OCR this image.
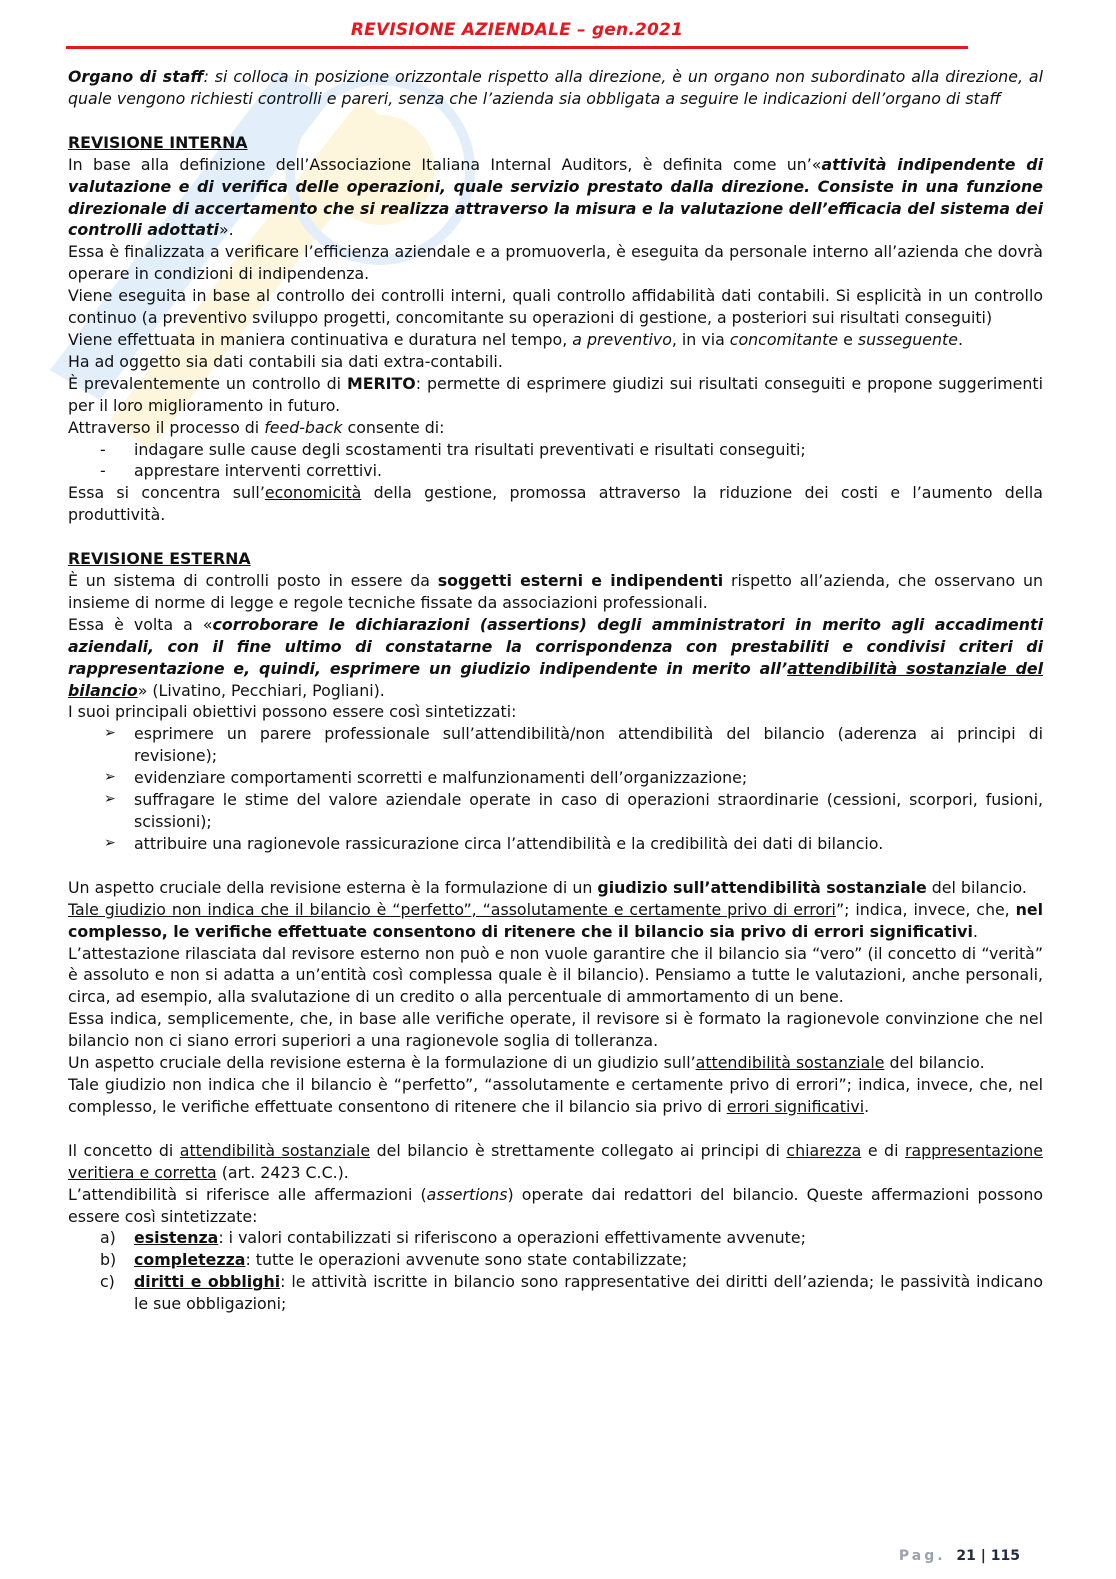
REVISIONE AZIENDALE – gen.2021

Organo di staff: si colloca in posizione orizzontale rispetto alla direzione, è un organo non subordinato alla direzione, al quale vengono richiesti controlli e pareri, senza che l’azienda sia obbligata a seguire le indicazioni dell’organo di staff

REVISIONE INTERNA

In base alla definizione dell’Associazione Italiana Internal Auditors, è definita come un’«attività indipendente di valutazione e di verifica delle operazioni, quale servizio prestato dalla direzione. Consiste in una funzione direzionale di accertamento che si realizza attraverso la misura e la valutazione dell’efficacia del sistema dei controlli adottati».

Essa è finalizzata a verificare l’efficienza aziendale e a promuoverla, è eseguita da personale interno all’azienda che dovrà operare in condizioni di indipendenza.

Viene eseguita in base al controllo dei controlli interni, quali controllo affidabilità dati contabili. Si esplicità in un controllo continuo (a preventivo sviluppo progetti, concomitante su operazioni di gestione, a posteriori sui risultati conseguiti)

Viene effettuata in maniera continuativa e duratura nel tempo, a preventivo, in via concomitante e susseguente.

Ha ad oggetto sia dati contabili sia dati extra-contabili.

È prevalentemente un controllo di MERITO: permette di esprimere giudizi sui risultati conseguiti e propone suggerimenti per il loro miglioramento in futuro.

Attraverso il processo di feed-back consente di:

- indagare sulle cause degli scostamenti tra risultati preventivati e risultati conseguiti;
- apprestare interventi correttivi.

Essa si concentra sull’economicità della gestione, promossa attraverso la riduzione dei costi e l’aumento della produttività.

REVISIONE ESTERNA

È un sistema di controlli posto in essere da soggetti esterni e indipendenti rispetto all’azienda, che osservano un insieme di norme di legge e regole tecniche fissate da associazioni professionali.

Essa è volta a «corroborare le dichiarazioni (assertions) degli amministratori in merito agli accadimenti aziendali, con il fine ultimo di constatarne la corrispondenza con prestabiliti e condivisi criteri di rappresentazione e, quindi, esprimere un giudizio indipendente in merito all’attendibilità sostanziale del bilancio» (Livatino, Pecchiari, Pogliani).

I suoi principali obiettivi possono essere così sintetizzati:

➢ esprimere un parere professionale sull’attendibilità/non attendibilità del bilancio (aderenza ai principi di revisione);
➢ evidenziare comportamenti scorretti e malfunzionamenti dell’organizzazione;
➢ suffragare le stime del valore aziendale operate in caso di operazioni straordinarie (cessioni, scorpori, fusioni, scissioni);
➢ attribuire una ragionevole rassicurazione circa l’attendibilità e la credibilità dei dati di bilancio.

Un aspetto cruciale della revisione esterna è la formulazione di un giudizio sull’attendibilità sostanziale del bilancio.

Tale giudizio non indica che il bilancio è “perfetto”, “assolutamente e certamente privo di errori”; indica, invece, che, nel complesso, le verifiche effettuate consentono di ritenere che il bilancio sia privo di errori significativi.

L’attestazione rilasciata dal revisore esterno non può e non vuole garantire che il bilancio sia “vero” (il concetto di “verità” è assoluto e non si adatta a un’entità così complessa quale è il bilancio). Pensiamo a tutte le valutazioni, anche personali, circa, ad esempio, alla svalutazione di un credito o alla percentuale di ammortamento di un bene.

Essa indica, semplicemente, che, in base alle verifiche operate, il revisore si è formato la ragionevole convinzione che nel bilancio non ci siano errori superiori a una ragionevole soglia di tolleranza.

Un aspetto cruciale della revisione esterna è la formulazione di un giudizio sull’attendibilità sostanziale del bilancio.

Tale giudizio non indica che il bilancio è “perfetto”, “assolutamente e certamente privo di errori”; indica, invece, che, nel complesso, le verifiche effettuate consentono di ritenere che il bilancio sia privo di errori significativi.

Il concetto di attendibilità sostanziale del bilancio è strettamente collegato ai principi di chiarezza e di rappresentazione veritiera e corretta (art. 2423 C.C.).

L’attendibilità si riferisce alle affermazioni (assertions) operate dai redattori del bilancio. Queste affermazioni possono essere così sintetizzate:

a) esistenza: i valori contabilizzati si riferiscono a operazioni effettivamente avvenute;
b) completezza: tutte le operazioni avvenute sono state contabilizzate;
c) diritti e obblighi: le attività iscritte in bilancio sono rappresentative dei diritti dell’azienda; le passività indicano le sue obbligazioni;
Pag. 21 | 115
